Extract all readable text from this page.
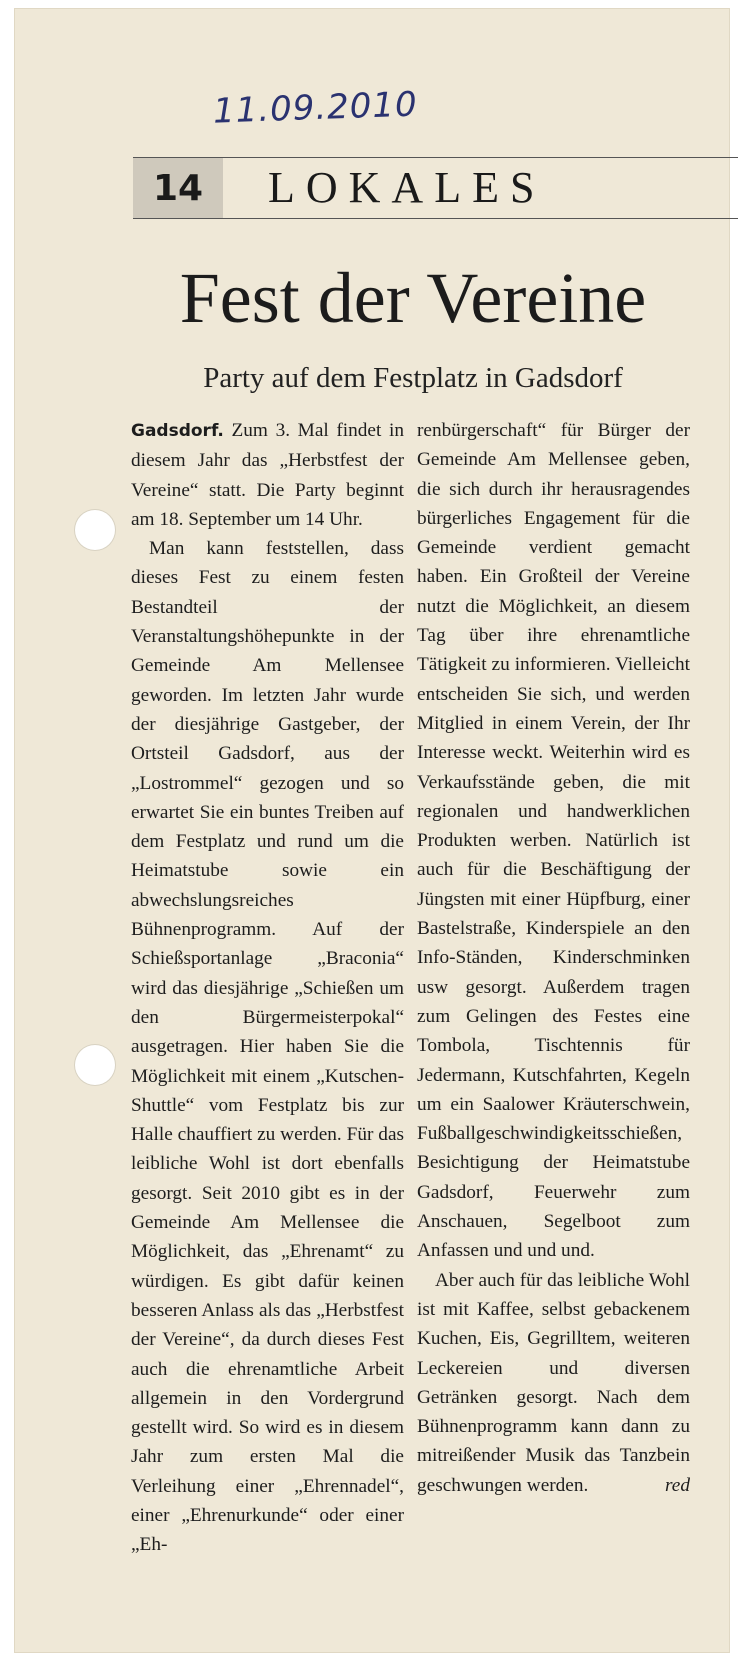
11.09.2010
14	LOKALES
Fest der Vereine
Party auf dem Festplatz in Gadsdorf

Gadsdorf. Zum 3. Mal findet in diesem Jahr das „Herbstfest der Vereine“ statt. Die Party beginnt am 18. September um 14 Uhr.

Man kann feststellen, dass dieses Fest zu einem festen Bestandteil der Veranstaltungshöhepunkte in der Gemeinde Am Mellensee geworden. Im letzten Jahr wurde der diesjährige Gastgeber, der Ortsteil Gadsdorf, aus der „Lostrommel“ gezogen und so erwartet Sie ein buntes Treiben auf dem Festplatz und rund um die Heimatstube sowie ein abwechslungsreiches Bühnenprogramm. Auf der Schießsportanlage „Braconia“ wird das diesjährige „Schießen um den Bürgermeisterpokal“ ausgetragen. Hier haben Sie die Möglichkeit mit einem „Kutschen-Shuttle“ vom Festplatz bis zur Halle chauffiert zu werden. Für das leibliche Wohl ist dort ebenfalls gesorgt. Seit 2010 gibt es in der Gemeinde Am Mellensee die Möglichkeit, das „Ehrenamt“ zu würdigen. Es gibt dafür keinen besseren Anlass als das „Herbstfest der Vereine“, da durch dieses Fest auch die ehrenamtliche Arbeit allgemein in den Vordergrund gestellt wird. So wird es in diesem Jahr zum ersten Mal die Verleihung einer „Ehrennadel“, einer „Ehrenurkunde“ oder einer „Eh-

renbürgerschaft“ für Bürger der Gemeinde Am Mellensee geben, die sich durch ihr herausragendes bürgerliches Engagement für die Gemeinde verdient gemacht haben. Ein Großteil der Vereine nutzt die Möglichkeit, an diesem Tag über ihre ehrenamtliche Tätigkeit zu informieren. Vielleicht entscheiden Sie sich, und werden Mitglied in einem Verein, der Ihr Interesse weckt. Weiterhin wird es Verkaufsstände geben, die mit regionalen und handwerklichen Produkten werben. Natürlich ist auch für die Beschäftigung der Jüngsten mit einer Hüpfburg, einer Bastelstraße, Kinderspiele an den Info-Ständen, Kinderschminken usw gesorgt. Außerdem tragen zum Gelingen des Festes eine Tombola, Tischtennis für Jedermann, Kutschfahrten, Kegeln um ein Saalower Kräuterschwein, Fußballgeschwindigkeitsschießen, Besichtigung der Heimatstube Gadsdorf, Feuerwehr zum Anschauen, Segelboot zum Anfassen und und und.

Aber auch für das leibliche Wohl ist mit Kaffee, selbst gebackenem Kuchen, Eis, Gegrilltem, weiteren Leckereien und diversen Getränken gesorgt. Nach dem Bühnenprogramm kann dann zu mitreißender Musik das Tanzbein geschwungen werden.	red
